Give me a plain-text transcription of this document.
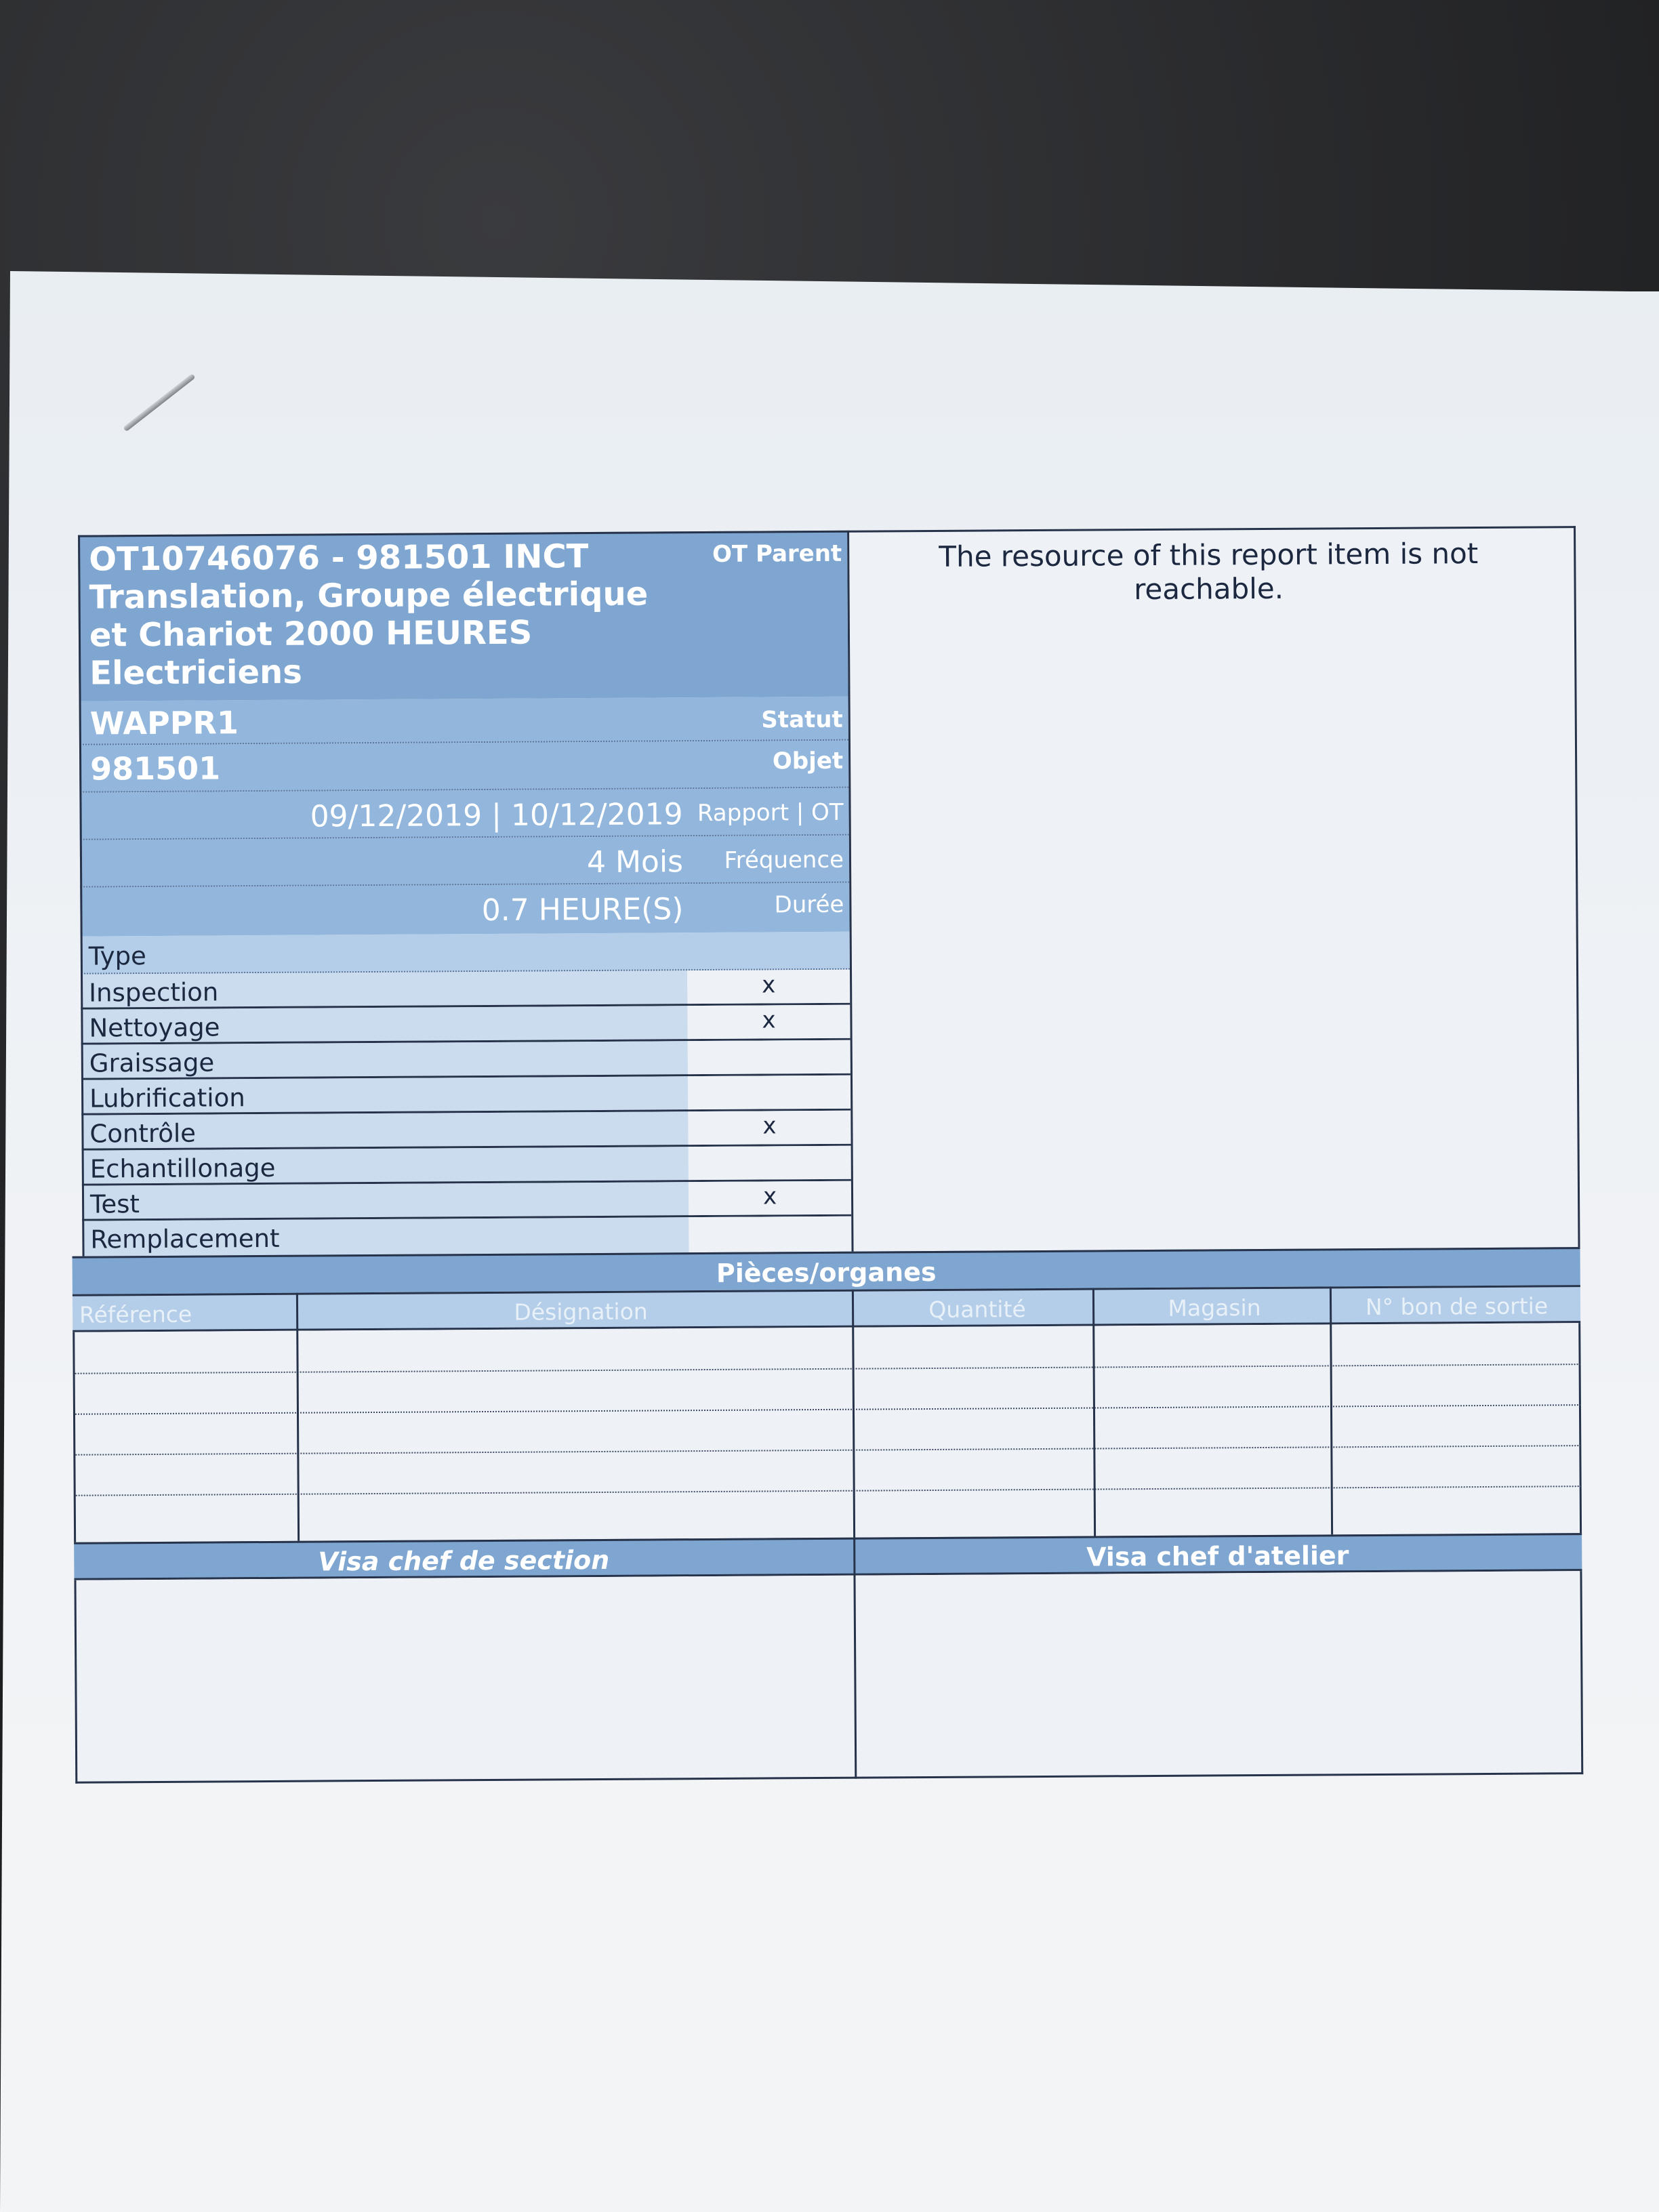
OT10746076 - 981501 INCT
Translation, Groupe électrique
et Chariot 2000 HEURES
Electriciens
OT Parent
WAPPR1	Statut
981501	Objet
09/12/2019 | 10/12/2019 Rapport | OT
4 Mois Fréquence
0.7 HEURE(S)	Durée
Type
Inspection	x
Nettoyage	x
Graissage
Lubrification
Contrôle	x
Echantillonage
Test	x
Remplacement
The resource of this report item is not reachable.
Pièces/organes
Référence	Désignation	Quantité	Magasin	N° bon de sortie
Visa chef de section	Visa chef d'atelier
